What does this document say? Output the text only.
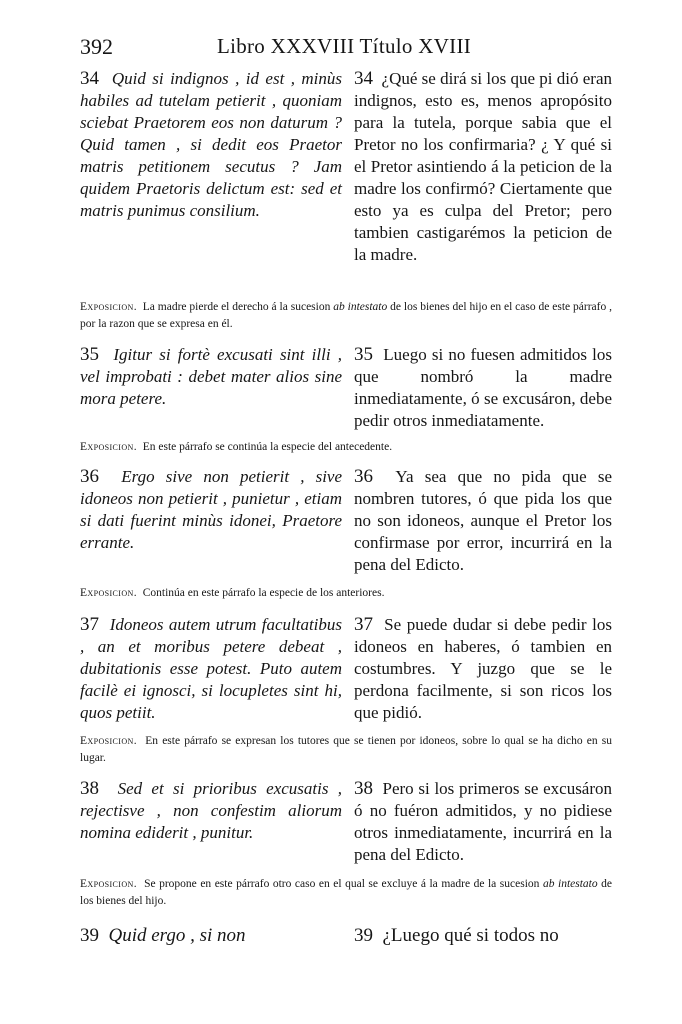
392	Libro XXXVIII Título XVIII

34 Quid si indignos , id est , minùs habiles ad tutelam petierit , quoniam sciebat Praetorem eos non daturum ? Quid tamen , si dedit eos Praetor matris petitionem secutus ? Jam quidem Praetoris delictum est: sed et matris punimus consilium.

34 ¿Qué se dirá si los que pi dió eran indignos, esto es, menos apropósito para la tutela, porque sabia que el Pretor no los confirmaria? ¿ Y qué si el Pretor asintiendo á la peticion de la madre los confirmó? Ciertamente que esto ya es culpa del Pretor; pero tambien castigarémos la peticion de la madre.

Exposicion. La madre pierde el derecho á la sucesion ab intestato de los bienes del hijo en el caso de este párrafo , por la razon que se expresa en él.

35 Igitur si fortè excusati sint illi , vel improbati : debet mater alios sine mora petere.

35 Luego si no fuesen admitidos los que nombró la madre inmediatamente, ó se excusáron, debe pedir otros inmediatamente.

Exposicion. En este párrafo se continúa la especie del antecedente.

36 Ergo sive non petierit , sive idoneos non petierit , punietur , etiam si dati fuerint minùs idonei, Praetore errante.

36 Ya sea que no pida que se nombren tutores, ó que pida los que no son idoneos, aunque el Pretor los confirmase por error, incurrirá en la pena del Edicto.

Exposicion. Continúa en este párrafo la especie de los anteriores.

37 Idoneos autem utrum facultatibus , an et moribus petere debeat , dubitationis esse potest. Puto autem facilè ei ignosci, si locupletes sint hi, quos petiit.

37 Se puede dudar si debe pedir los idoneos en haberes, ó tambien en costumbres. Y juzgo que se le perdona facilmente, si son ricos los que pidió.

Exposicion. En este párrafo se expresan los tutores que se tienen por idoneos, sobre lo qual se ha dicho en su lugar.

38 Sed et si prioribus excusatis , rejectisve , non confestim aliorum nomina ediderit , punitur.

38 Pero si los primeros se excusáron ó no fuéron admitidos, y no pidiese otros inmediatamente, incurrirá en la pena del Edicto.

Exposicion. Se propone en este párrafo otro caso en el qual se excluye á la madre de la sucesion ab intestato de los bienes del hijo.

39 Quid ergo , si non	39 ¿Luego qué si todos no
